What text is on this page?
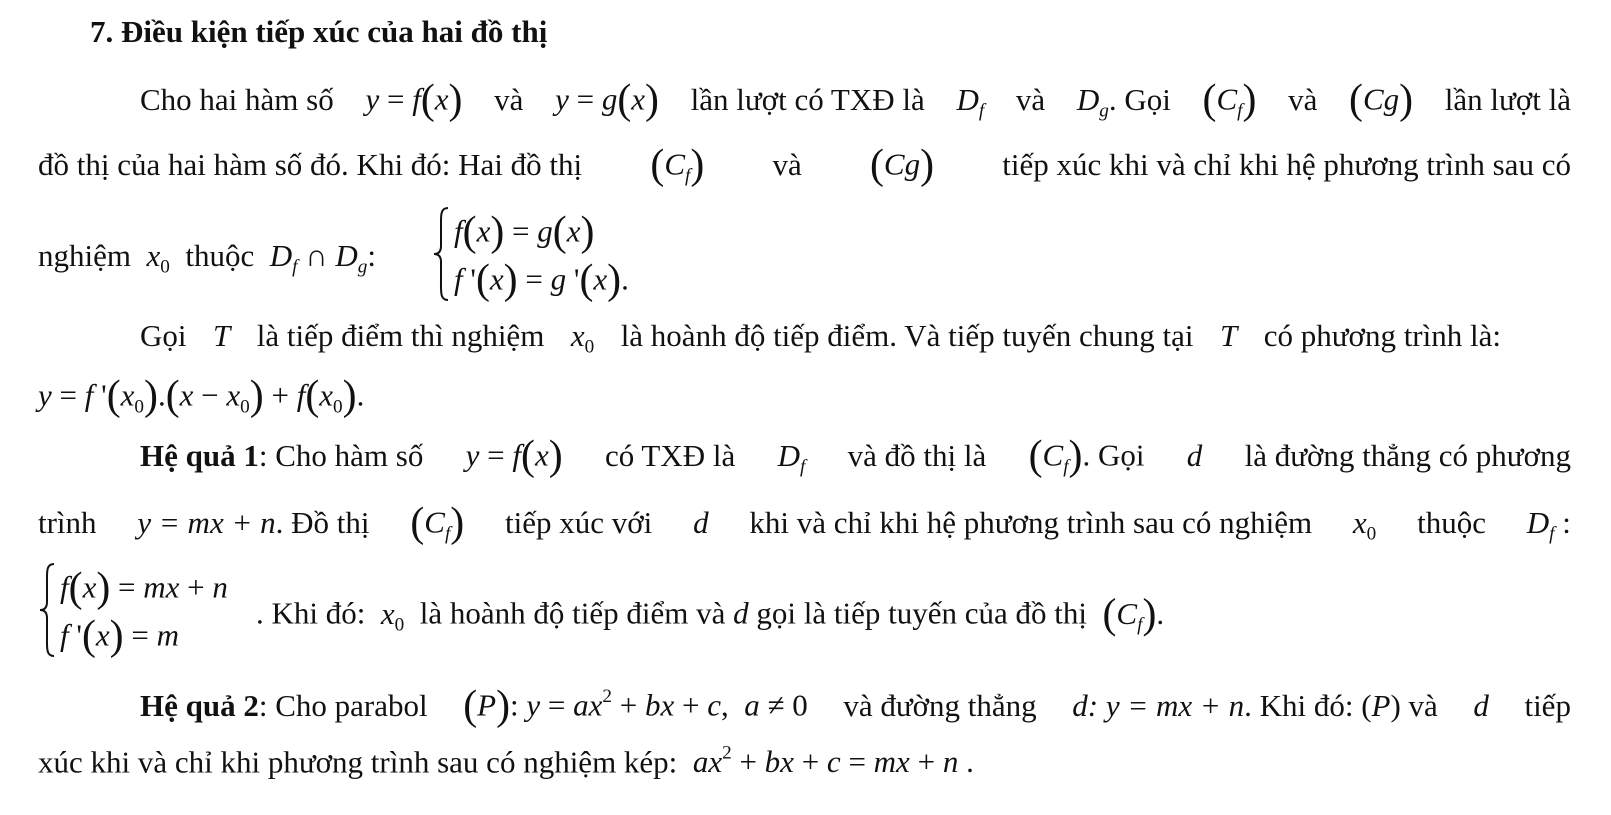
7. Điều kiện tiếp xúc của hai đồ thị
Cho hai hàm số y = f(x) và y = g(x) lần lượt có TXĐ là $D_f$ và $D_g$. Gọi $(C_f)$ và (Cg) lần lượt là
đồ thị của hai hàm số đó. Khi đó: Hai đồ thị $(C_f)$ và (Cg) tiếp xúc khi và chỉ khi hệ phương trình sau có
nghiệm $x_0$ thuộc $D_f$ ∩ $D_g$:
f(x) = g(x)
f '(x) = g '(x).
Gọi T là tiếp điểm thì nghiệm $x_0$ là hoành độ tiếp điểm. Và tiếp tuyến chung tại T có phương trình là:
y = f '$(x_0).(x - x_0) + f(x_0)$.
Hệ quả 1: Cho hàm số y = f(x) có TXĐ là $D_f$ và đồ thị là $(C_f)$. Gọi d là đường thẳng có phương
trình y = mx + n. Đồ thị $(C_f)$ tiếp xúc với d khi và chỉ khi hệ phương trình sau có nghiệm $x_0$ thuộc $D_f$ :
f(x) = mx + n
f '(x) = m
. Khi đó: $x_0$ là hoành độ tiếp điểm và d gọi là tiếp tuyến của đồ thị $(C_f)$.
Hệ quả 2: Cho parabol (P): $y = ax^2$ + bx + c,  a ≠ 0 và đường thẳng d: y = mx + n. Khi đó: (P) và d tiếp
xúc khi và chỉ khi phương trình sau có nghiệm kép: $ax^2$ + bx + c = mx + n .
